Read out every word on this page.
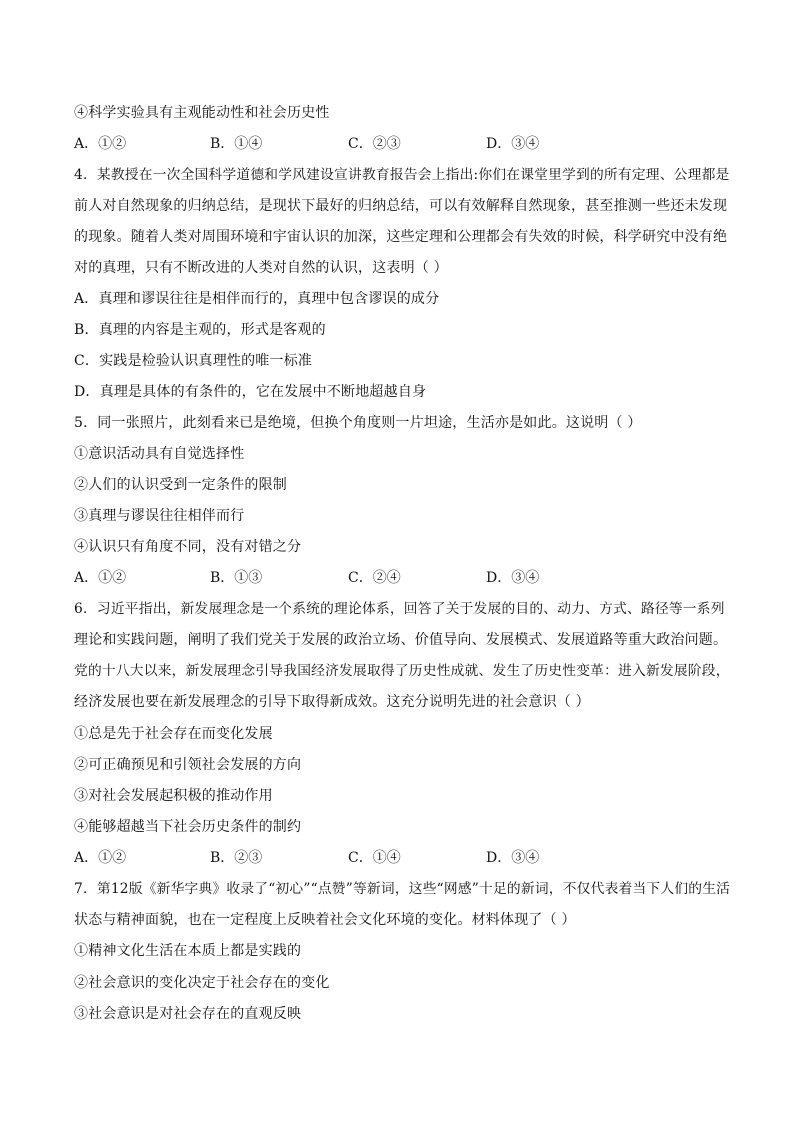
④科学实验具有主观能动性和社会历史性
A．①②	B．①④	C．②③	D．③④
4．某教授在一次全国科学道德和学风建设宣讲教育报告会上指出:你们在课堂里学到的所有定理、公理都是
前人对自然现象的归纳总结，是现状下最好的归纳总结，可以有效解释自然现象，甚至推测一些还未发现
的现象。随着人类对周围环境和宇宙认识的加深，这些定理和公理都会有失效的时候，科学研究中没有绝
对的真理，只有不断改进的人类对自然的认识，这表明（ ）
A．真理和谬误往往是相伴而行的，真理中包含谬误的成分
B．真理的内容是主观的，形式是客观的
C．实践是检验认识真理性的唯一标准
D．真理是具体的有条件的，它在发展中不断地超越自身
5．同一张照片，此刻看来已是绝境，但换个角度则一片坦途，生活亦是如此。这说明（ ）
①意识活动具有自觉选择性
②人们的认识受到一定条件的限制
③真理与谬误往往相伴而行
④认识只有角度不同，没有对错之分
A．①②	B．①③	C．②④	D．③④
6．习近平指出，新发展理念是一个系统的理论体系，回答了关于发展的目的、动力、方式、路径等一系列
理论和实践问题，阐明了我们党关于发展的政治立场、价值导向、发展模式、发展道路等重大政治问题。
党的十八大以来，新发展理念引导我国经济发展取得了历史性成就、发生了历史性变革：进入新发展阶段，
经济发展也要在新发展理念的引导下取得新成效。这充分说明先进的社会意识（ ）
①总是先于社会存在而变化发展
②可正确预见和引领社会发展的方向
③对社会发展起积极的推动作用
④能够超越当下社会历史条件的制约
A．①②	B．②③	C．①④	D．③④
7．第12版《新华字典》收录了“初心”“点赞”等新词，这些“网感”十足的新词，不仅代表着当下人们的生活
状态与精神面貌，也在一定程度上反映着社会文化环境的变化。材料体现了（ ）
①精神文化生活在本质上都是实践的
②社会意识的变化决定于社会存在的变化
③社会意识是对社会存在的直观反映
